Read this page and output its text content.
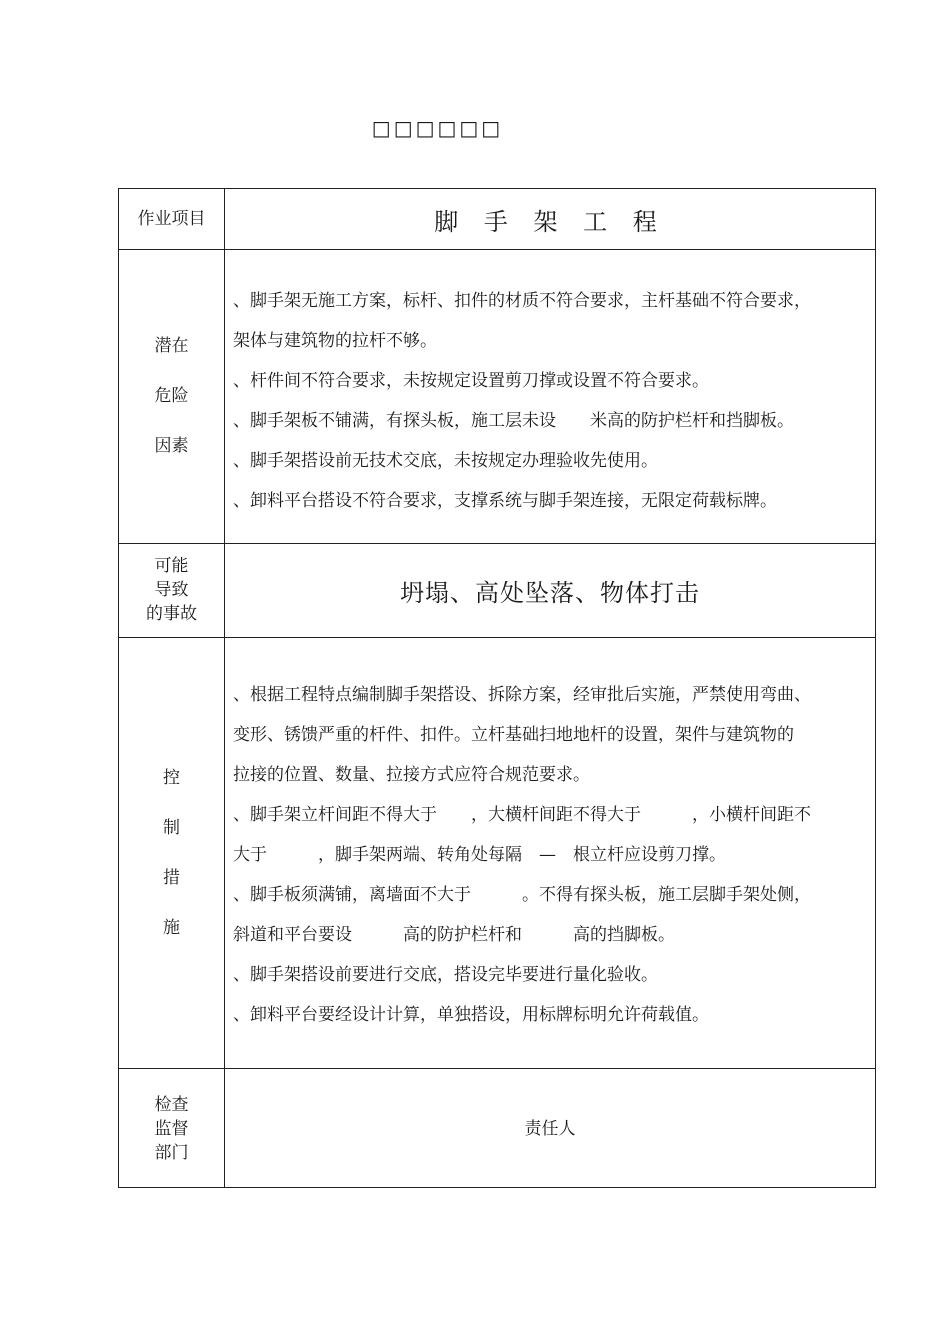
□□□□□□
作业项目	脚 手 架 工 程
潜在
危险
因素
、脚手架无施工方案，标杆、扣件的材质不符合要求，主杆基础不符合要求，
架体与建筑物的拉杆不够。
、杆件间不符合要求，未按规定设置剪刀撑或设置不符合要求。
、脚手架板不铺满，有探头板，施工层未设　　米高的防护栏杆和挡脚板。
、脚手架搭设前无技术交底，未按规定办理验收先使用。
、卸料平台搭设不符合要求，支撑系统与脚手架连接，无限定荷载标牌。
可能
导致
的事故
坍塌、高处坠落、物体打击
控
制
措
施
、根据工程特点编制脚手架搭设、拆除方案，经审批后实施，严禁使用弯曲、
变形、锈馈严重的杆件、扣件。立杆基础扫地地杆的设置，架件与建筑物的
拉接的位置、数量、拉接方式应符合规范要求。
、脚手架立杆间距不得大于　　，大横杆间距不得大于　　　，小横杆间距不
大于　　　，脚手架两端、转角处每隔　—　根立杆应设剪刀撑。
、脚手板须满铺，离墙面不大于　　　。不得有探头板，施工层脚手架处侧，
斜道和平台要设　　　高的防护栏杆和　　　高的挡脚板。
、脚手架搭设前要进行交底，搭设完毕要进行量化验收。
、卸料平台要经设计计算，单独搭设，用标牌标明允许荷载值。
检查
监督
部门
责任人
